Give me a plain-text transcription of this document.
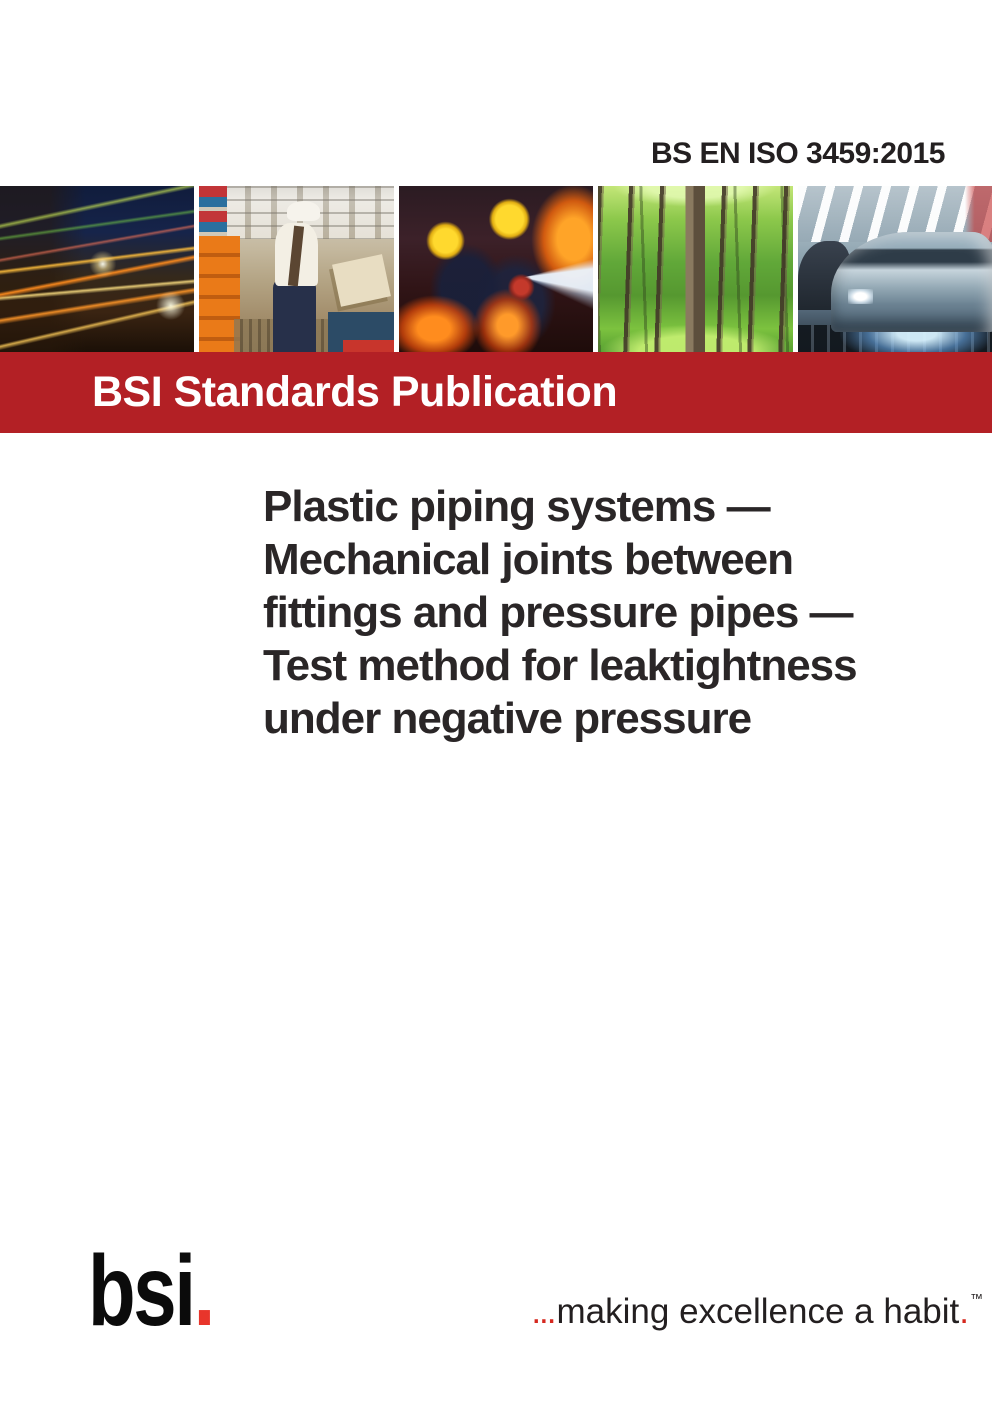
BS EN ISO 3459:2015
BSI Standards Publication
Plastic piping systems —
Mechanical joints between
fittings and pressure pipes —
Test method for leaktightness
under negative pressure
bsi.	...making excellence a habit.™
